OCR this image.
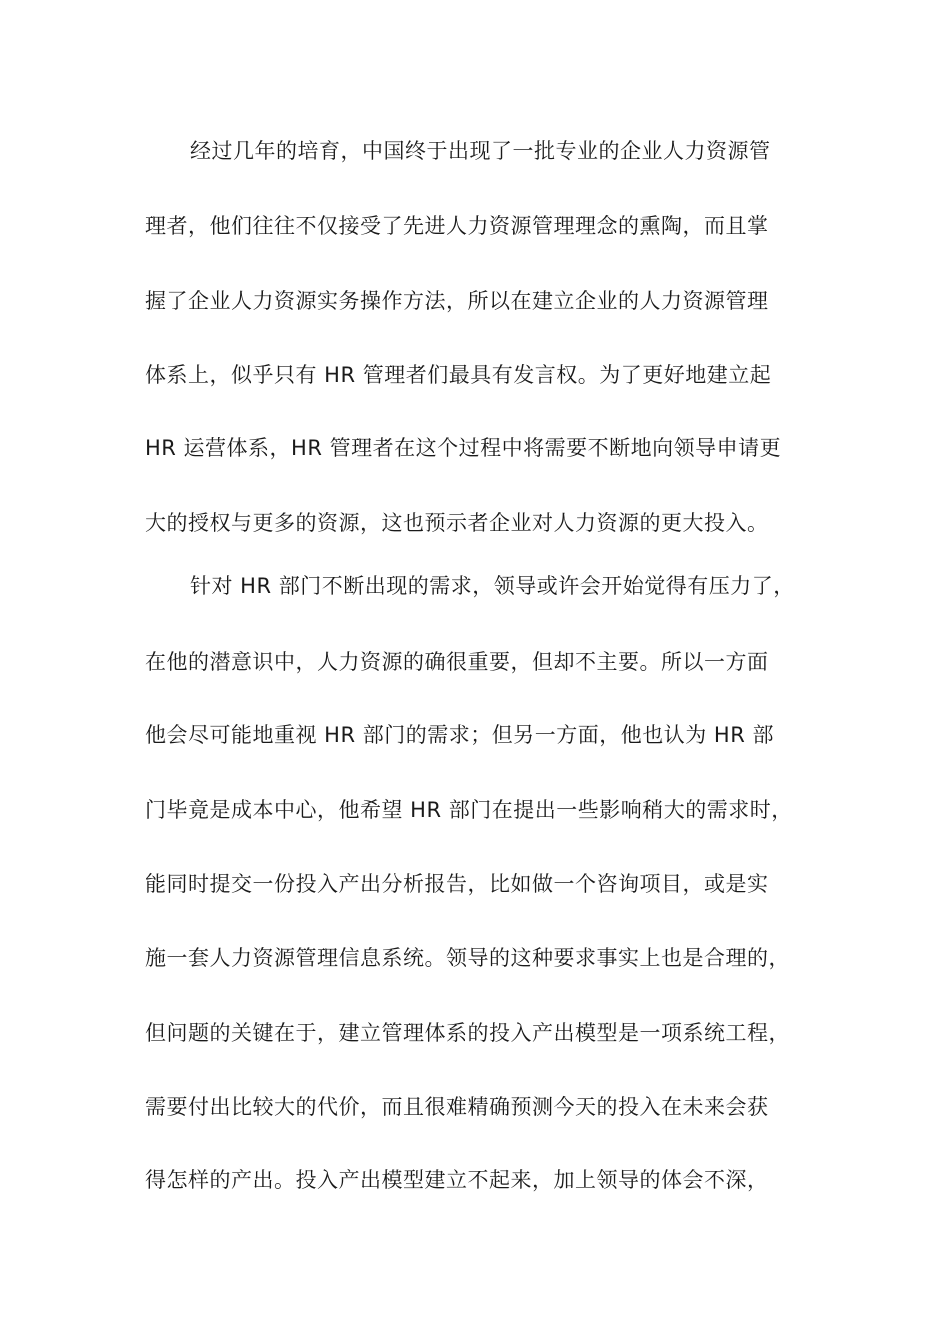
经过几年的培育，中国终于出现了一批专业的企业人力资源管
理者，他们往往不仅接受了先进人力资源管理理念的熏陶，而且掌
握了企业人力资源实务操作方法，所以在建立企业的人力资源管理
体系上，似乎只有 HR 管理者们最具有发言权。为了更好地建立起
HR 运营体系，HR 管理者在这个过程中将需要不断地向领导申请更
大的授权与更多的资源，这也预示者企业对人力资源的更大投入。
针对 HR 部门不断出现的需求，领导或许会开始觉得有压力了，
在他的潜意识中，人力资源的确很重要，但却不主要。所以一方面
他会尽可能地重视 HR 部门的需求；但另一方面，他也认为 HR 部
门毕竟是成本中心，他希望 HR 部门在提出一些影响稍大的需求时，
能同时提交一份投入产出分析报告，比如做一个咨询项目，或是实
施一套人力资源管理信息系统。领导的这种要求事实上也是合理的，
但问题的关键在于，建立管理体系的投入产出模型是一项系统工程，
需要付出比较大的代价，而且很难精确预测今天的投入在未来会获
得怎样的产出。投入产出模型建立不起来，加上领导的体会不深，
